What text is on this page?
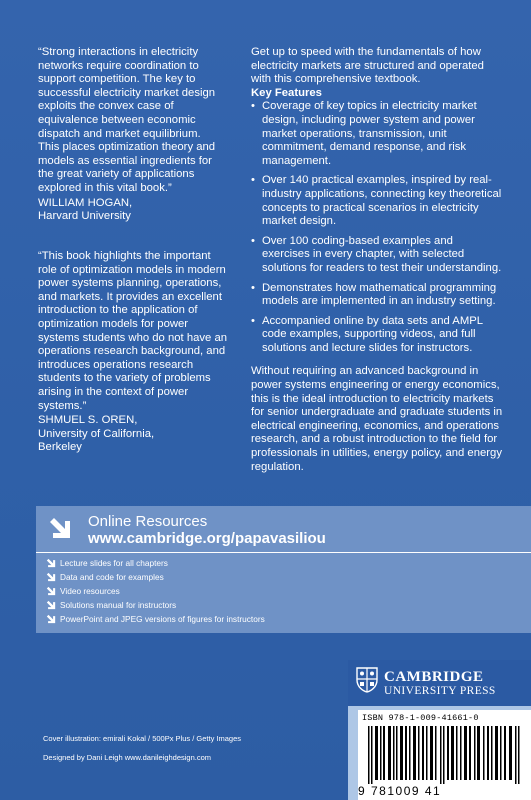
“Strong interactions in electricity networks require coordination to support competition. The key to successful electricity market design exploits the convex case of equivalence between economic dispatch and market equilibrium. This places optimization theory and models as essential ingredients for the great variety of applications explored in this vital book.”
WILLIAM HOGAN,
Harvard University
“This book highlights the important role of optimization models in modern power systems planning, operations, and markets. It provides an excellent introduction to the application of optimization models for power systems students who do not have an operations research background, and introduces operations research students to the variety of problems arising in the context of power systems.”
SHMUEL S. OREN,
University of California,
Berkeley

Get up to speed with the fundamentals of how electricity markets are structured and operated with this comprehensive textbook.

Key Features

• Coverage of key topics in electricity market design, including power system and power market operations, transmission, unit commitment, demand response, and risk management.
• Over 140 practical examples, inspired by real-industry applications, connecting key theoretical concepts to practical scenarios in electricity market design.
• Over 100 coding-based examples and exercises in every chapter, with selected solutions for readers to test their understanding.
• Demonstrates how mathematical programming models are implemented in an industry setting.
• Accompanied online by data sets and AMPL code examples, supporting videos, and full solutions and lecture slides for instructors.

Without requiring an advanced background in power systems engineering or energy economics, this is the ideal introduction to electricity markets for senior undergraduate and graduate students in electrical engineering, economics, and operations research, and a robust introduction to the field for professionals in utilities, energy policy, and energy regulation.

Online Resources
www.cambridge.org/papavasiliou
Lecture slides for all chapters
Data and code for examples
Video resources
Solutions manual for instructors
PowerPoint and JPEG versions of figures for instructors
CAMBRIDGE
UNIVERSITY PRESS
ISBN 978-1-009-41661-0
9 781009 41
Cover illustration: emirali Kokal / 500Px Plus / Getty Images
Designed by Dani Leigh www.danileighdesign.com
